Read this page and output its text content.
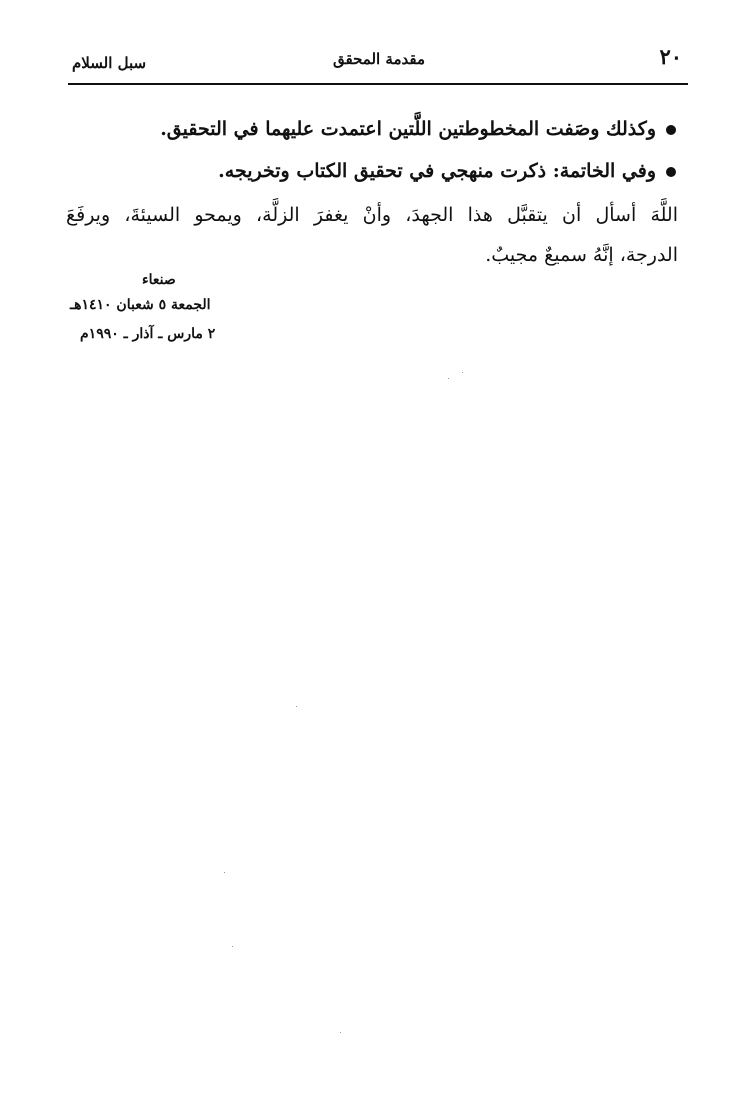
٢٠
مقدمة المحقق
سبل السلام
وكذلك وصَفت المخطوطتين اللَّتين اعتمدت عليهما في التحقيق.
وفي الخاتمة: ذكرت منهجي في تحقيق الكتاب وتخريجه.
اللَّهَ أسأل أن يتقبَّل هذا الجهدَ، وأنْ يغفرَ الزلَّة، ويمحو السيئةَ، ويرفَعَ
الدرجة، إنَّهُ سميعٌ مجيبٌ.
صنعاء
الجمعة ٥ شعبان ١٤١٠هـ
٢ مارس ـ آذار ـ ١٩٩٠م
